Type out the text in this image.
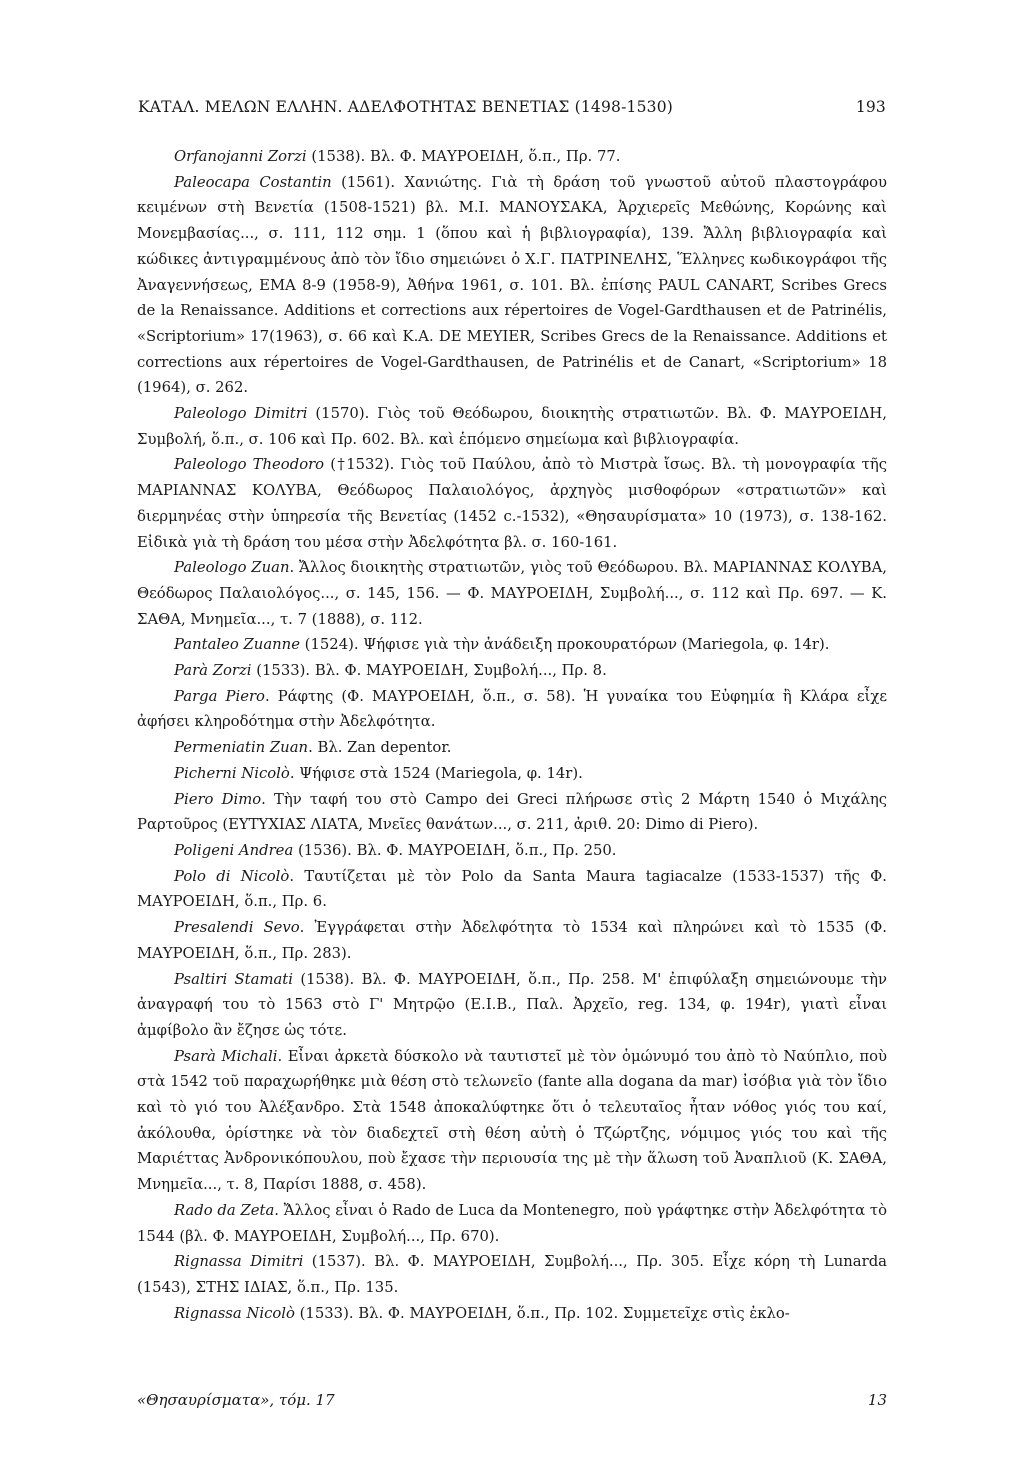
ΚΑΤΑΛ. ΜΕΛΩΝ ΕΛΛΗΝ. ΑΔΕΛΦΟΤΗΤΑΣ ΒΕΝΕΤΙΑΣ (1498-1530)	193

Orfanojanni Zorzi (1538). Βλ. Φ. ΜΑΥΡΟΕΙΔΗ, ὅ.π., Πρ. 77.

Paleocapa Costantin (1561). Χανιώτης. Γιὰ τὴ δράση τοῦ γνωστοῦ αὐτοῦ πλαστογράφου κειμένων στὴ Βενετία (1508-1521) βλ. Μ.Ι. ΜΑΝΟΥΣΑΚΑ, Ἀρχιερεῖς Μεθώνης, Κορώνης καὶ Μονεμβασίας..., σ. 111, 112 σημ. 1 (ὅπου καὶ ἡ βιβλιογραφία), 139. Ἄλλη βιβλιογραφία καὶ κώδικες ἀντιγραμμένους ἀπὸ τὸν ἴδιο σημειώνει ὁ Χ.Γ. ΠΑΤΡΙΝΕΛΗΣ, Ἕλληνες κωδικογράφοι τῆς Ἀναγεννήσεως, ΕΜΑ 8-9 (1958-9), Ἀθήνα 1961, σ. 101. Βλ. ἐπίσης PAUL CANART, Scribes Grecs de la Renaissance. Additions et corrections aux répertoires de Vogel-Gardthausen et de Patrinélis, «Scriptorium» 17(1963), σ. 66 καὶ Κ.Α. DE MEYIER, Scribes Grecs de la Renaissance. Additions et corrections aux répertoires de Vogel-Gardthausen, de Patrinélis et de Canart, «Scriptorium» 18 (1964), σ. 262.

Paleologo Dimitri (1570). Γιὸς τοῦ Θεόδωρου, διοικητὴς στρατιωτῶν. Βλ. Φ. ΜΑΥΡΟΕΙΔΗ, Συμβολή, ὅ.π., σ. 106 καὶ Πρ. 602. Βλ. καὶ ἑπόμενο σημείωμα καὶ βιβλιογραφία.

Paleologo Theodoro (†1532). Γιὸς τοῦ Παύλου, ἀπὸ τὸ Μιστρὰ ἴσως. Βλ. τὴ μονογραφία τῆς ΜΑΡΙΑΝΝΑΣ ΚΟΛΥΒΑ, Θεόδωρος Παλαιολόγος, ἀρχηγὸς μισθοφόρων «στρατιωτῶν» καὶ διερμηνέας στὴν ὑπηρεσία τῆς Βενετίας (1452 c.-1532), «Θησαυρίσματα» 10 (1973), σ. 138-162. Εἰδικὰ γιὰ τὴ δράση του μέσα στὴν Ἀδελφότητα βλ. σ. 160-161.

Paleologo Zuan. Ἄλλος διοικητὴς στρατιωτῶν, γιὸς τοῦ Θεόδωρου. Βλ. ΜΑΡΙΑΝΝΑΣ ΚΟΛΥΒΑ, Θεόδωρος Παλαιολόγος..., σ. 145, 156. — Φ. ΜΑΥΡΟΕΙΔΗ, Συμβολή..., σ. 112 καὶ Πρ. 697. — Κ. ΣΑΘΑ, Μνημεῖα..., τ. 7 (1888), σ. 112.

Pantaleo Zuanne (1524). Ψήφισε γιὰ τὴν ἀνάδειξη προκουρατόρων (Mariegola, φ. 14r).

Parà Zorzi (1533). Βλ. Φ. ΜΑΥΡΟΕΙΔΗ, Συμβολή..., Πρ. 8.

Parga Piero. Ράφτης (Φ. ΜΑΥΡΟΕΙΔΗ, ὅ.π., σ. 58). Ἡ γυναίκα του Εὐφημία ἢ Κλάρα εἶχε ἀφήσει κληροδότημα στὴν Ἀδελφότητα.

Permeniatin Zuan. Βλ. Zan depentor.

Picherni Nicolò. Ψήφισε στὰ 1524 (Mariegola, φ. 14r).

Piero Dimo. Τὴν ταφή του στὸ Campo dei Greci πλήρωσε στὶς 2 Μάρτη 1540 ὁ Μιχάλης Ραρτοῦρος (ΕΥΤΥΧΙΑΣ ΛΙΑΤΑ, Μνεῖες θανάτων..., σ. 211, ἀριθ. 20: Dimo di Piero).

Poligeni Andrea (1536). Βλ. Φ. ΜΑΥΡΟΕΙΔΗ, ὅ.π., Πρ. 250.

Polo di Nicolò. Ταυτίζεται μὲ τὸν Polo da Santa Maura tagiacalze (1533-1537) τῆς Φ. ΜΑΥΡΟΕΙΔΗ, ὅ.π., Πρ. 6.

Presalendi Sevo. Ἐγγράφεται στὴν Ἀδελφότητα τὸ 1534 καὶ πληρώνει καὶ τὸ 1535 (Φ. ΜΑΥΡΟΕΙΔΗ, ὅ.π., Πρ. 283).

Psaltiri Stamati (1538). Βλ. Φ. ΜΑΥΡΟΕΙΔΗ, ὅ.π., Πρ. 258. Μ' ἐπιφύλαξη σημειώνουμε τὴν ἀναγραφή του τὸ 1563 στὸ Γ' Μητρῷο (Ε.Ι.Β., Παλ. Ἀρχεῖο, reg. 134, φ. 194r), γιατὶ εἶναι ἀμφίβολο ἂν ἔζησε ὡς τότε.

Psarà Michali. Εἶναι ἀρκετὰ δύσκολο νὰ ταυτιστεῖ μὲ τὸν ὁμώνυμό του ἀπὸ τὸ Ναύπλιο, ποὺ στὰ 1542 τοῦ παραχωρήθηκε μιὰ θέση στὸ τελωνεῖο (fante alla dogana da mar) ἰσόβια γιὰ τὸν ἴδιο καὶ τὸ γιό του Ἀλέξανδρο. Στὰ 1548 ἀποκαλύφτηκε ὅτι ὁ τελευταῖος ἦταν νόθος γιός του καί, ἀκόλουθα, ὁρίστηκε νὰ τὸν διαδεχτεῖ στὴ θέση αὐτὴ ὁ Τζώρτζης, νόμιμος γιός του καὶ τῆς Μαριέττας Ἀνδρονικόπουλου, ποὺ ἔχασε τὴν περιουσία της μὲ τὴν ἅλωση τοῦ Ἀναπλιοῦ (Κ. ΣΑΘΑ, Μνημεῖα..., τ. 8, Παρίσι 1888, σ. 458).

Rado da Zeta. Ἄλλος εἶναι ὁ Rado de Luca da Montenegro, ποὺ γράφτηκε στὴν Ἀδελφότητα τὸ 1544 (βλ. Φ. ΜΑΥΡΟΕΙΔΗ, Συμβολή..., Πρ. 670).

Rignassa Dimitri (1537). Βλ. Φ. ΜΑΥΡΟΕΙΔΗ, Συμβολή..., Πρ. 305. Εἶχε κόρη τὴ Lunarda (1543), ΣΤΗΣ ΙΔΙΑΣ, ὅ.π., Πρ. 135.

Rignassa Nicolò (1533). Βλ. Φ. ΜΑΥΡΟΕΙΔΗ, ὅ.π., Πρ. 102. Συμμετεῖχε στὶς ἐκλο-

«Θησαυρίσματα», τόμ. 17	13
